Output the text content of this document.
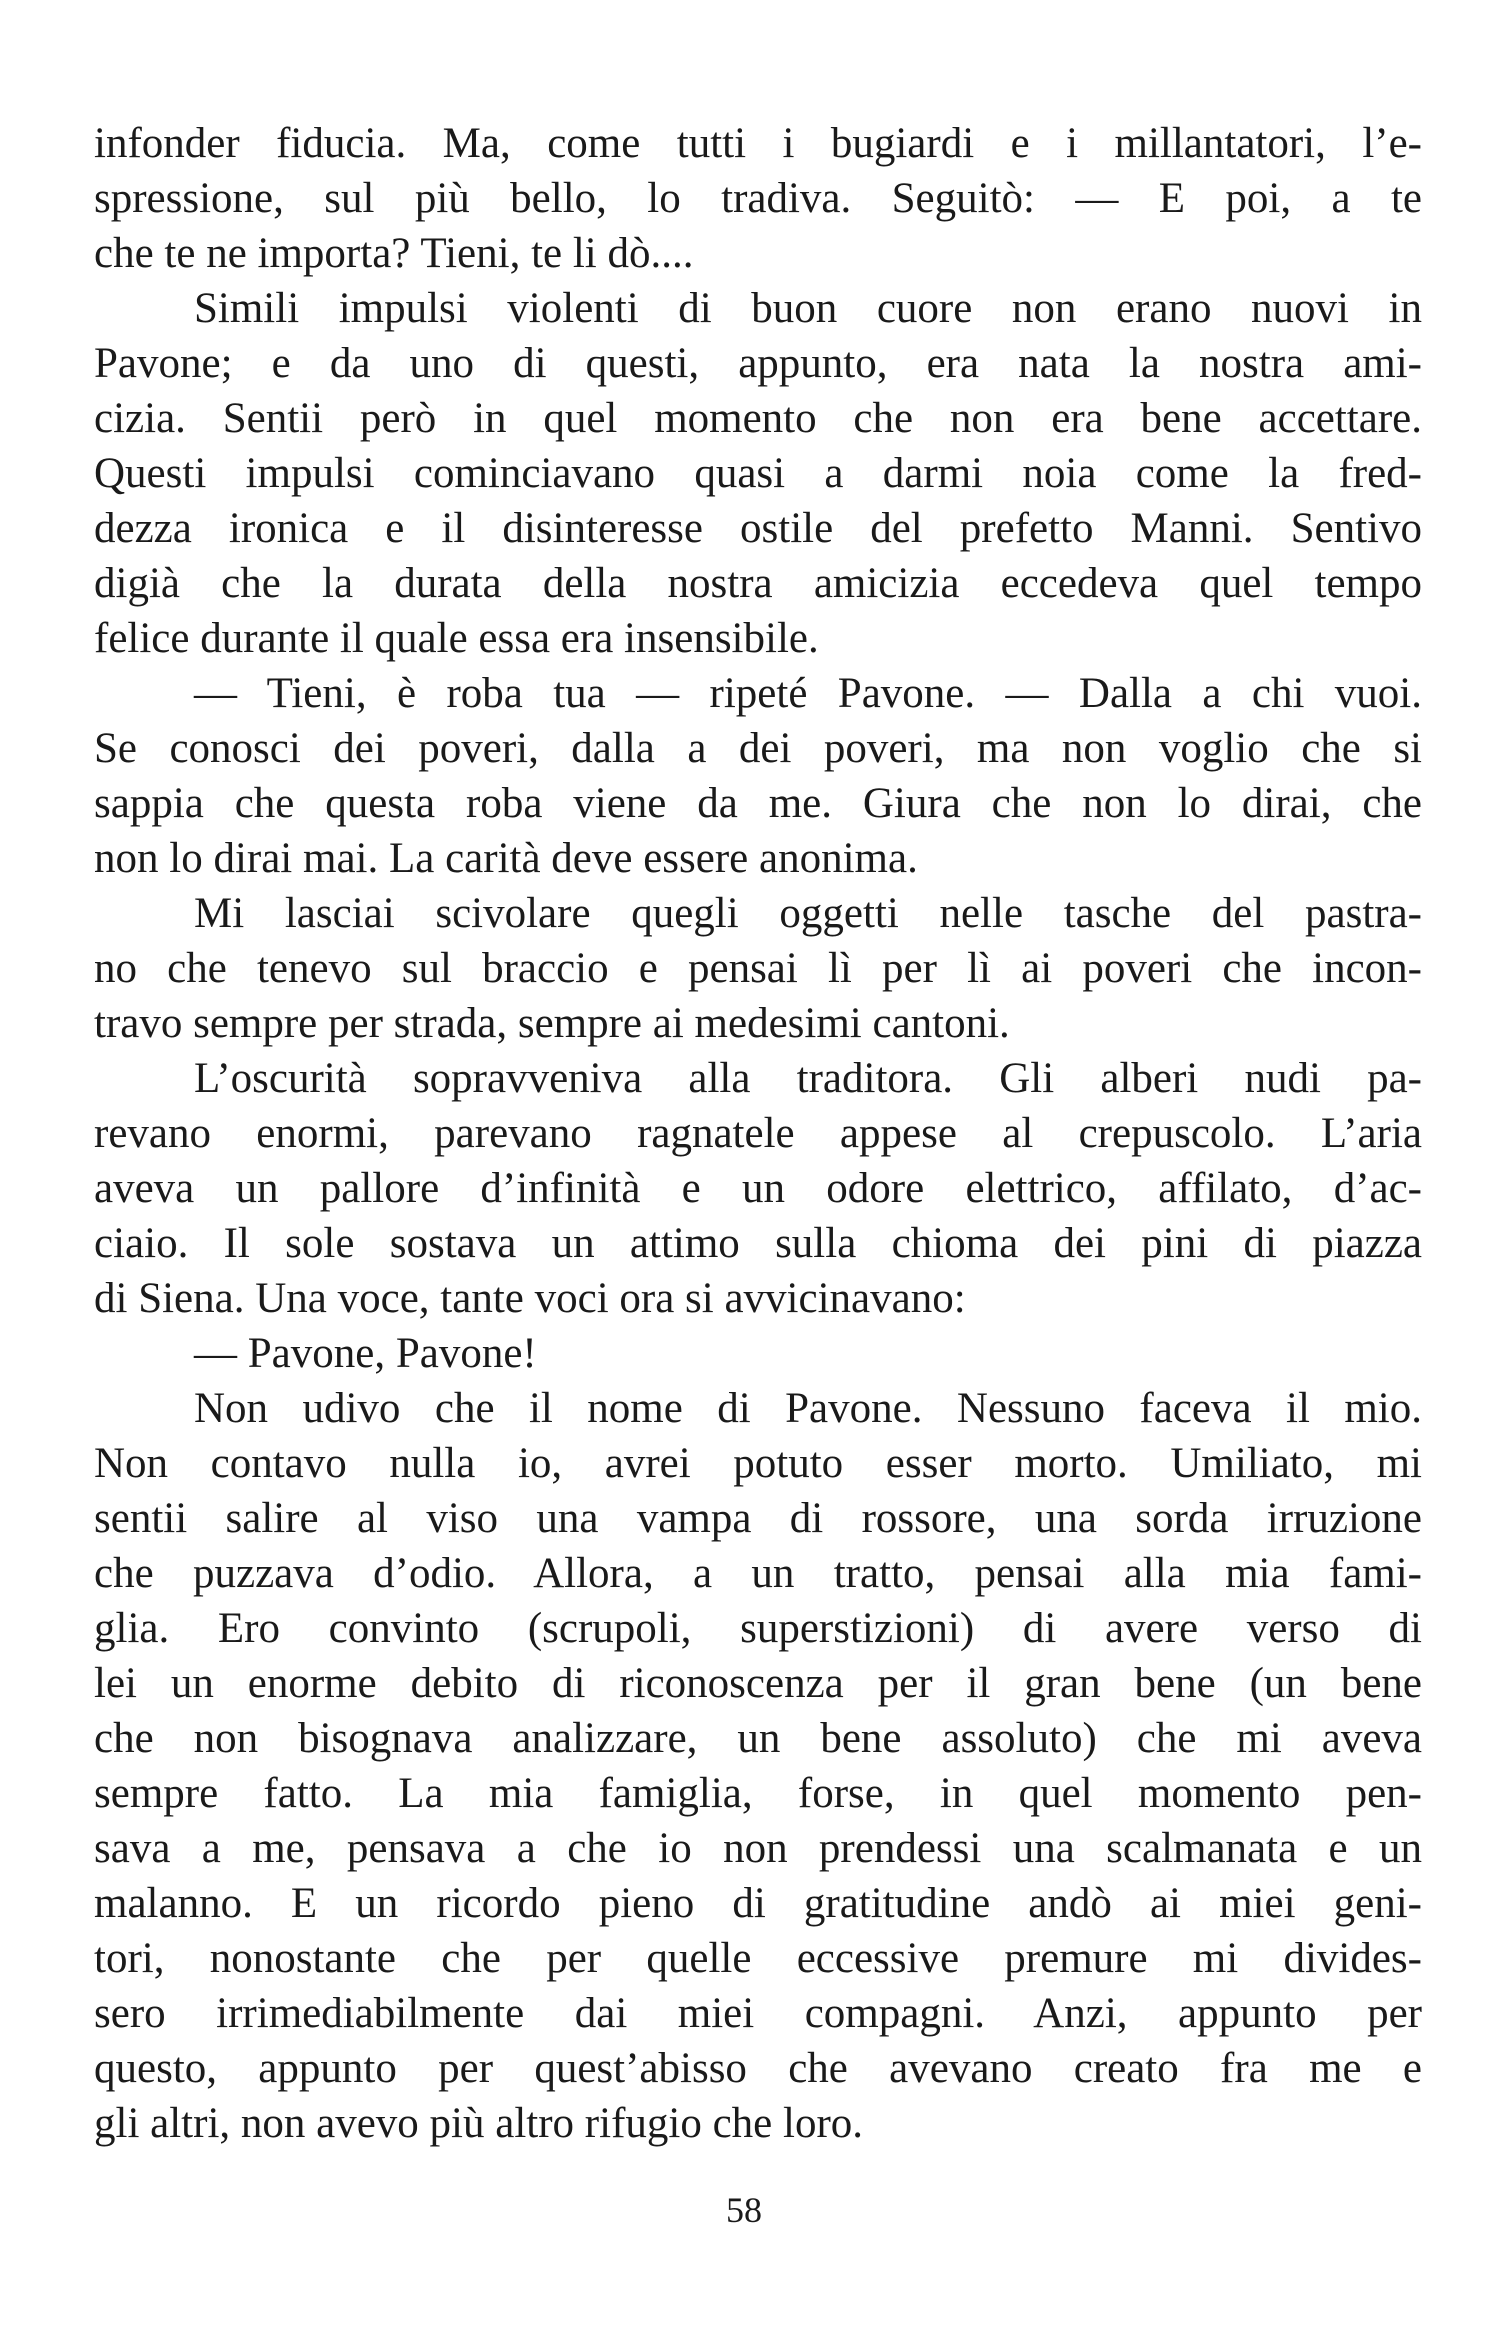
infonder fiducia. Ma, come tutti i bugiardi e i millantatori, l’e-
spressione, sul più bello, lo tradiva. Seguitò: — E poi, a te
che te ne importa? Tieni, te li dò....
Simili impulsi violenti di buon cuore non erano nuovi in
Pavone; e da uno di questi, appunto, era nata la nostra ami-
cizia. Sentii però in quel momento che non era bene accettare.
Questi impulsi cominciavano quasi a darmi noia come la fred-
dezza ironica e il disinteresse ostile del prefetto Manni. Sentivo
digià che la durata della nostra amicizia eccedeva quel tempo
felice durante il quale essa era insensibile.
— Tieni, è roba tua — ripeté Pavone. — Dalla a chi vuoi.
Se conosci dei poveri, dalla a dei poveri, ma non voglio che si
sappia che questa roba viene da me. Giura che non lo dirai, che
non lo dirai mai. La carità deve essere anonima.
Mi lasciai scivolare quegli oggetti nelle tasche del pastra-
no che tenevo sul braccio e pensai lì per lì ai poveri che incon-
travo sempre per strada, sempre ai medesimi cantoni.
L’oscurità sopravveniva alla traditora. Gli alberi nudi pa-
revano enormi, parevano ragnatele appese al crepuscolo. L’aria
aveva un pallore d’infinità e un odore elettrico, affilato, d’ac-
ciaio. Il sole sostava un attimo sulla chioma dei pini di piazza
di Siena. Una voce, tante voci ora si avvicinavano:
— Pavone, Pavone!
Non udivo che il nome di Pavone. Nessuno faceva il mio.
Non contavo nulla io, avrei potuto esser morto. Umiliato, mi
sentii salire al viso una vampa di rossore, una sorda irruzione
che puzzava d’odio. Allora, a un tratto, pensai alla mia fami-
glia. Ero convinto (scrupoli, superstizioni) di avere verso di
lei un enorme debito di riconoscenza per il gran bene (un bene
che non bisognava analizzare, un bene assoluto) che mi aveva
sempre fatto. La mia famiglia, forse, in quel momento pen-
sava a me, pensava a che io non prendessi una scalmanata e un
malanno. E un ricordo pieno di gratitudine andò ai miei geni-
tori, nonostante che per quelle eccessive premure mi divides-
sero irrimediabilmente dai miei compagni. Anzi, appunto per
questo, appunto per quest’abisso che avevano creato fra me e
gli altri, non avevo più altro rifugio che loro.
58
